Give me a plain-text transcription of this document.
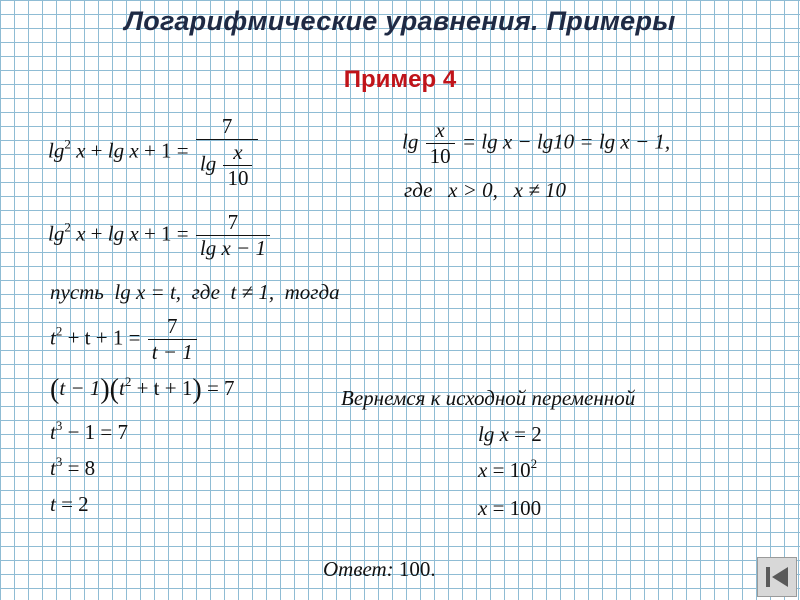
Логарифмические уравнения. Примеры
Пример 4
$\lg^2 x + \lg x + 1 = \frac{7}{\lg \frac{x}{10}}$	$\lg \frac{x}{10} = \lg x - \lg 10 = \lg x - 1$,
где x > 0, x ≠ 10
$\lg^2 x + \lg x + 1 = \frac{7}{\text{lg x − 1}}$
пусть lg x = t, где t ≠ 1, тогда
$t^2 + t + 1 = \frac{7}{t - 1}$
$(t - 1)(t^2 + t + 1) = 7$
$t^3 - 1 = 7$
$t^3 = 8$
t = 2
Вернемся к исходной переменной
lg x = 2
$x = 10^2$
x = 100
Ответ: 100.
